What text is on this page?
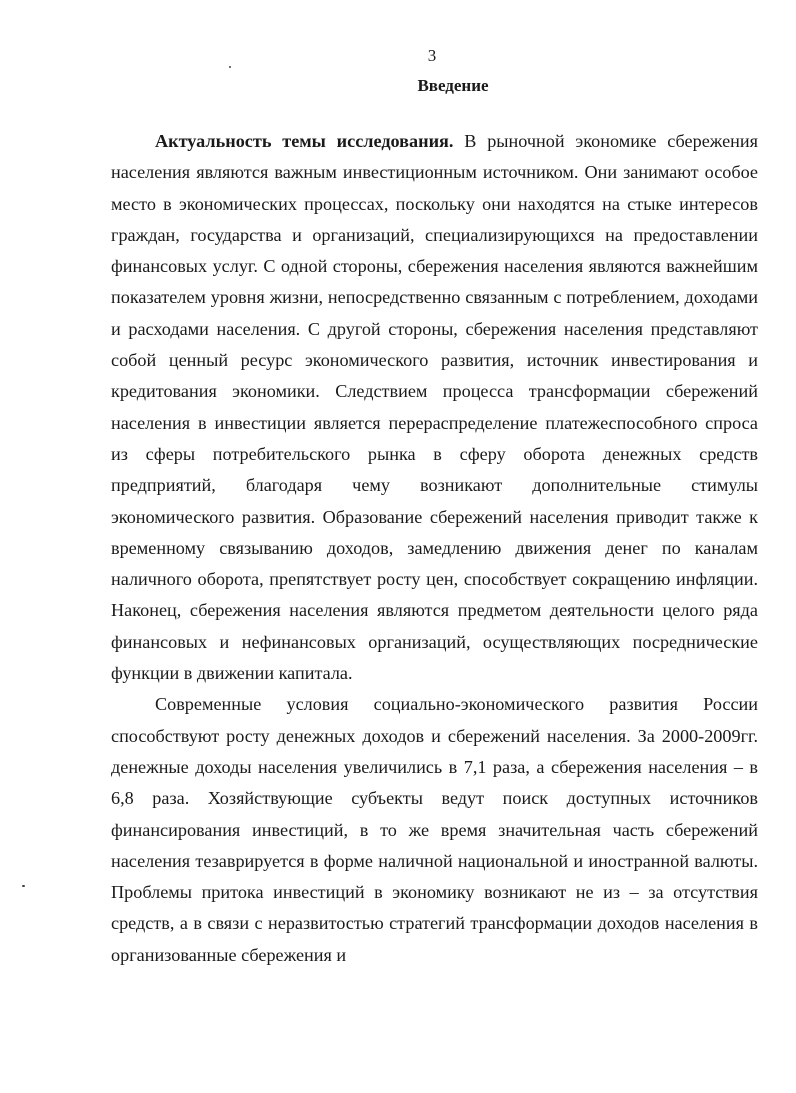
3
Введение

Актуальность темы исследования. В рыночной экономике сбережения населения являются важным инвестиционным источником. Они занимают особое место в экономических процессах, поскольку они находятся на стыке интересов граждан, государства и организаций, специализирующихся на предоставлении финансовых услуг. С одной стороны, сбережения населения являются важнейшим показателем уровня жизни, непосредственно связанным с потреблением, доходами и расходами населения. С другой стороны, сбережения населения представляют собой ценный ресурс экономического развития, источник инвестирования и кредитования экономики. Следствием процесса трансформации сбережений населения в инвестиции является перераспределение платежеспособного спроса из сферы потребительского рынка в сферу оборота денежных средств предприятий, благодаря чему возникают дополнительные стимулы экономического развития. Образование сбережений населения приводит также к временному связыванию доходов, замедлению движения денег по каналам наличного оборота, препятствует росту цен, способствует сокращению инфляции. Наконец, сбережения населения являются предметом деятельности целого ряда финансовых и нефинансовых организаций, осуществляющих посреднические функции в движении капитала.

Современные условия социально-экономического развития России способствуют росту денежных доходов и сбережений населения. За 2000-2009гг. денежные доходы населения увеличились в 7,1 раза, а сбережения населения – в 6,8 раза. Хозяйствующие субъекты ведут поиск доступных источников финансирования инвестиций, в то же время значительная часть сбережений населения тезаврируется в форме наличной национальной и иностранной валюты. Проблемы притока инвестиций в экономику возникают не из – за отсутствия средств, а в связи с неразвитостью стратегий трансформации доходов населения в организованные сбережения и
